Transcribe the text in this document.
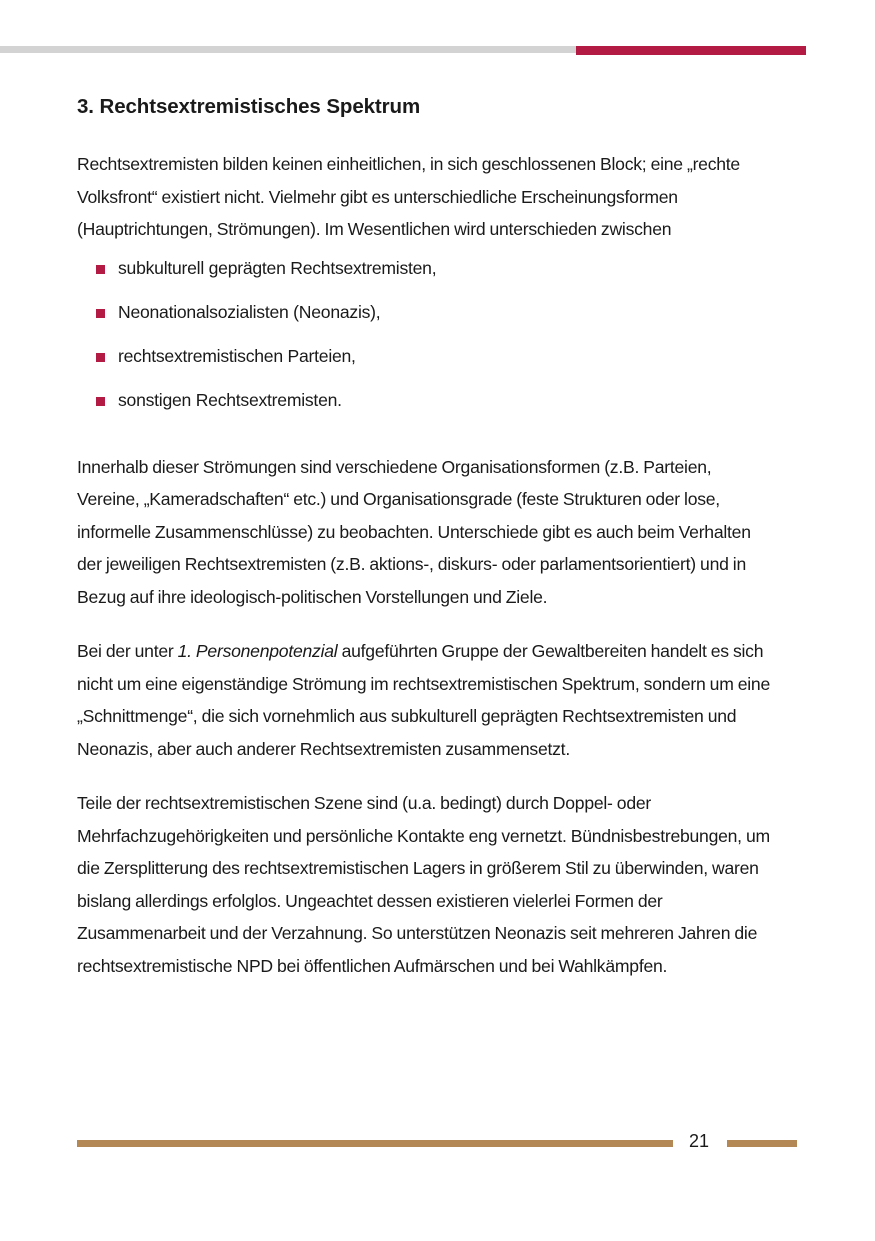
3. Rechtsextremistisches Spektrum

Rechtsextremisten bilden keinen einheitlichen, in sich geschlossenen Block; eine „rechte Volksfront“ existiert nicht. Vielmehr gibt es unterschiedliche Erscheinungsformen (Hauptrichtungen, Strömungen). Im Wesentlichen wird unterschieden zwischen

subkulturell geprägten Rechtsextremisten,
Neonationalsozialisten (Neonazis),
rechtsextremistischen Parteien,
sonstigen Rechtsextremisten.

Innerhalb dieser Strömungen sind verschiedene Organisationsformen (z.B. Parteien, Vereine, „Kameradschaften“ etc.) und Organisationsgrade (feste Strukturen oder lose, informelle Zusammenschlüsse) zu beobachten. Unterschiede gibt es auch beim Verhalten der jeweiligen Rechtsextremisten (z.B. aktions-, diskurs- oder parlamentsorientiert) und in Bezug auf ihre ideologisch-politischen Vorstellungen und Ziele.

Bei der unter 1. Personenpotenzial aufgeführten Gruppe der Gewaltbereiten handelt es sich nicht um eine eigenständige Strömung im rechtsextremistischen Spektrum, sondern um eine „Schnittmenge“, die sich vornehmlich aus subkulturell geprägten Rechtsextremisten und Neonazis, aber auch anderer Rechtsextremisten zusammensetzt.

Teile der rechtsextremistischen Szene sind (u.a. bedingt) durch Doppel- oder Mehrfachzugehörigkeiten und persönliche Kontakte eng vernetzt. Bündnisbestrebungen, um die Zersplitterung des rechtsextremistischen Lagers in größerem Stil zu überwinden, waren bislang allerdings erfolglos. Ungeachtet dessen existieren vielerlei Formen der Zusammenarbeit und der Verzahnung. So unterstützen Neonazis seit mehreren Jahren die rechtsextremistische NPD bei öffentlichen Aufmärschen und bei Wahlkämpfen.

21
